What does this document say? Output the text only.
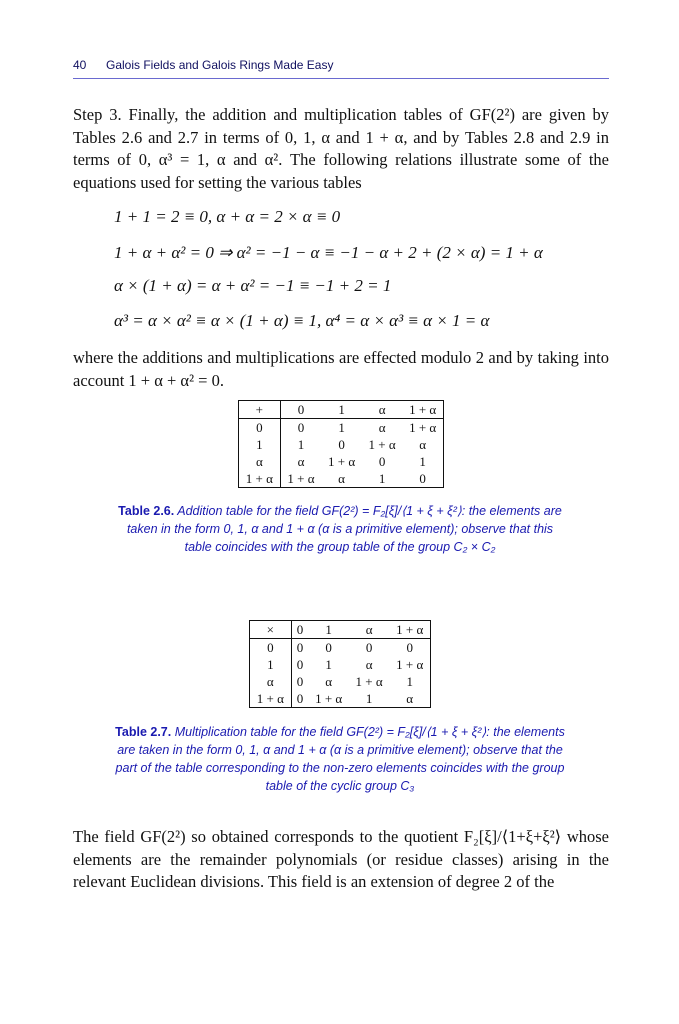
40 Galois Fields and Galois Rings Made Easy
Step 3. Finally, the addition and multiplication tables of GF(2²) are given by Tables 2.6 and 2.7 in terms of 0, 1, α and 1 + α, and by Tables 2.8 and 2.9 in terms of 0, α³ = 1, α and α². The following relations illustrate some of the equations used for setting the various tables
1 + 1 = 2 ≡ 0, α + α = 2 × α ≡ 0
1 + α + α² = 0 ⇒ α² = −1 − α ≡ −1 − α + 2 + (2 × α) = 1 + α
α × (1 + α) = α + α² = −1 ≡ −1 + 2 = 1
α³ = α × α² ≡ α × (1 + α) ≡ 1, α⁴ = α × α³ ≡ α × 1 = α
where the additions and multiplications are effected modulo 2 and by taking into account 1 + α + α² = 0.
+	0	1	α	1 + α
0	0	1	α	1 + α
1	1	0	1 + α	α
α	α	1 + α	0	1
1 + α	1 + α	α	1	0
Table 2.6. Addition table for the field GF(2²) = F₂[ξ]/⟨1 + ξ + ξ²⟩: the elements are taken in the form 0, 1, α and 1 + α (α is a primitive element); observe that this table coincides with the group table of the group C₂ × C₂
×	0	1	α	1 + α
0	0	0	0	0
1	0	1	α	1 + α
α	0	α	1 + α	1
1 + α	0	1 + α	1	α
Table 2.7. Multiplication table for the field GF(2²) = F₂[ξ]/⟨1 + ξ + ξ²⟩: the elements are taken in the form 0, 1, α and 1 + α (α is a primitive element); observe that the part of the table corresponding to the non-zero elements coincides with the group table of the cyclic group C₃
The field GF(2²) so obtained corresponds to the quotient F₂[ξ]/⟨1+ξ+ξ²⟩ whose elements are the remainder polynomials (or residue classes) arising in the relevant Euclidean divisions. This field is an extension of degree 2 of the
